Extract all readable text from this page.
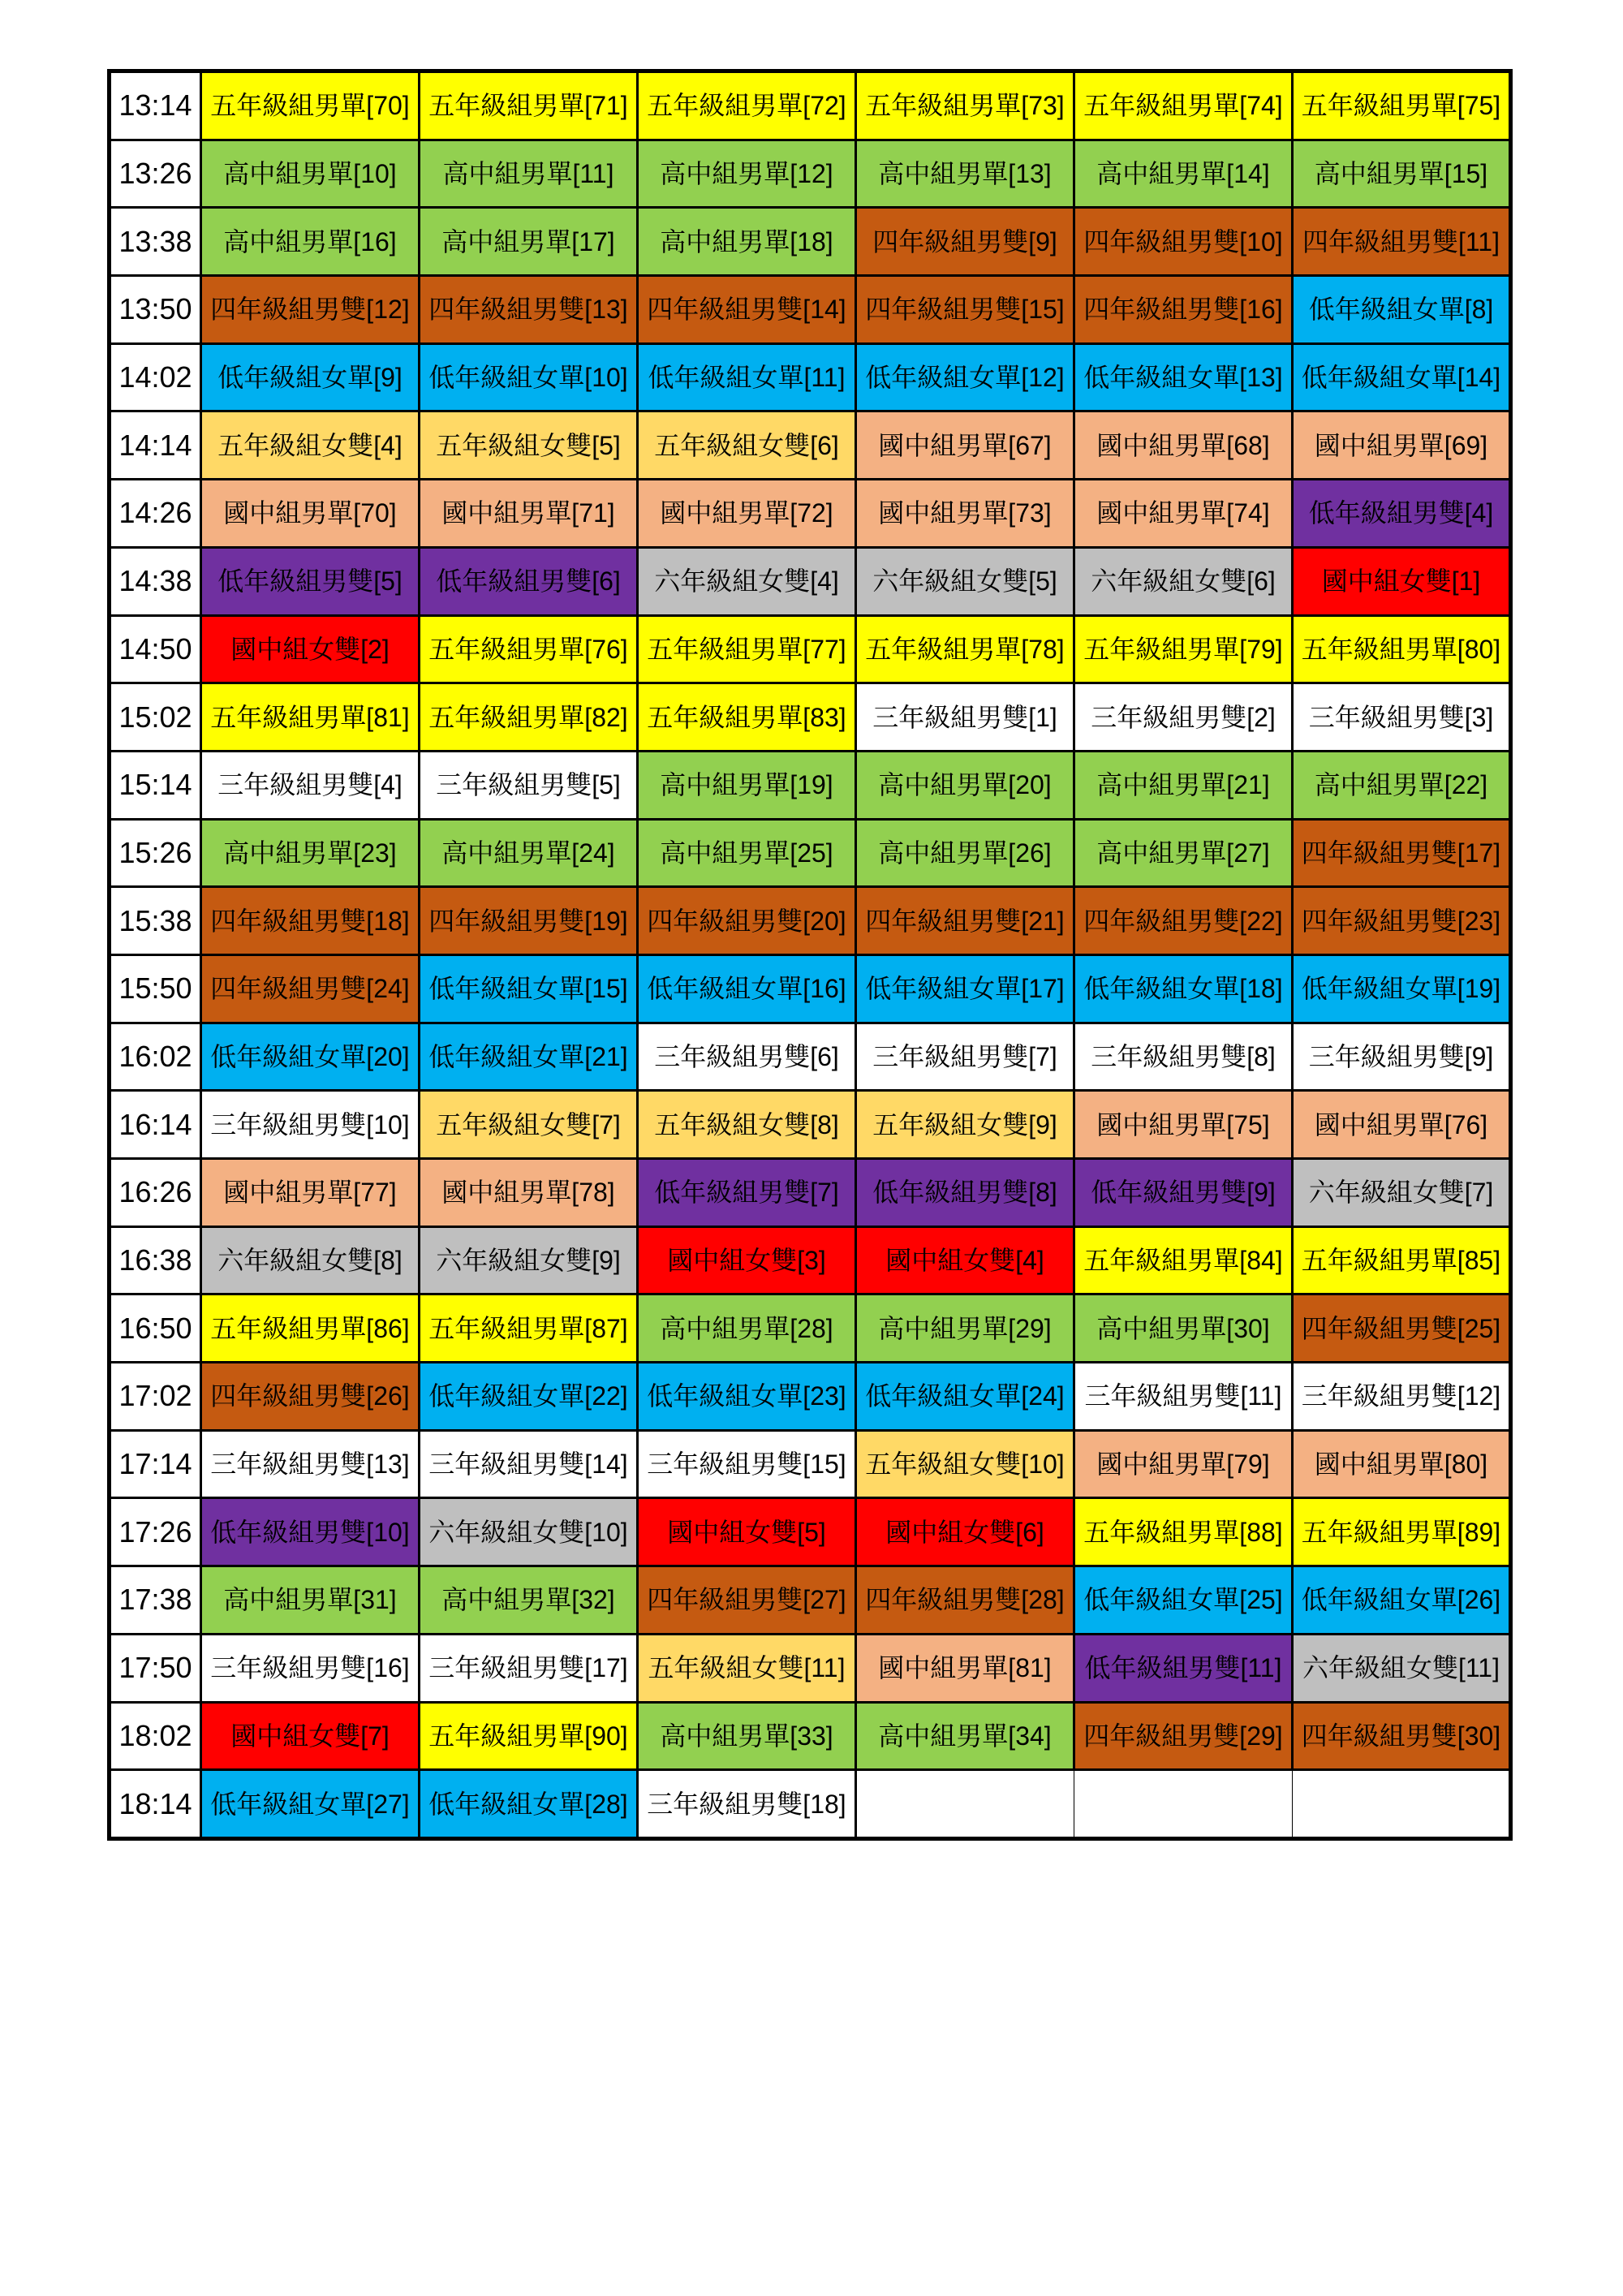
13:14	五年級組男單[70]	五年級組男單[71]	五年級組男單[72]	五年級組男單[73]	五年級組男單[74]	五年級組男單[75]
13:26	高中組男單[10]	高中組男單[11]	高中組男單[12]	高中組男單[13]	高中組男單[14]	高中組男單[15]
13:38	高中組男單[16]	高中組男單[17]	高中組男單[18]	四年級組男雙[9]	四年級組男雙[10]	四年級組男雙[11]
13:50	四年級組男雙[12]	四年級組男雙[13]	四年級組男雙[14]	四年級組男雙[15]	四年級組男雙[16]	低年級組女單[8]
14:02	低年級組女單[9]	低年級組女單[10]	低年級組女單[11]	低年級組女單[12]	低年級組女單[13]	低年級組女單[14]
14:14	五年級組女雙[4]	五年級組女雙[5]	五年級組女雙[6]	國中組男單[67]	國中組男單[68]	國中組男單[69]
14:26	國中組男單[70]	國中組男單[71]	國中組男單[72]	國中組男單[73]	國中組男單[74]	低年級組男雙[4]
14:38	低年級組男雙[5]	低年級組男雙[6]	六年級組女雙[4]	六年級組女雙[5]	六年級組女雙[6]	國中組女雙[1]
14:50	國中組女雙[2]	五年級組男單[76]	五年級組男單[77]	五年級組男單[78]	五年級組男單[79]	五年級組男單[80]
15:02	五年級組男單[81]	五年級組男單[82]	五年級組男單[83]	三年級組男雙[1]	三年級組男雙[2]	三年級組男雙[3]
15:14	三年級組男雙[4]	三年級組男雙[5]	高中組男單[19]	高中組男單[20]	高中組男單[21]	高中組男單[22]
15:26	高中組男單[23]	高中組男單[24]	高中組男單[25]	高中組男單[26]	高中組男單[27]	四年級組男雙[17]
15:38	四年級組男雙[18]	四年級組男雙[19]	四年級組男雙[20]	四年級組男雙[21]	四年級組男雙[22]	四年級組男雙[23]
15:50	四年級組男雙[24]	低年級組女單[15]	低年級組女單[16]	低年級組女單[17]	低年級組女單[18]	低年級組女單[19]
16:02	低年級組女單[20]	低年級組女單[21]	三年級組男雙[6]	三年級組男雙[7]	三年級組男雙[8]	三年級組男雙[9]
16:14	三年級組男雙[10]	五年級組女雙[7]	五年級組女雙[8]	五年級組女雙[9]	國中組男單[75]	國中組男單[76]
16:26	國中組男單[77]	國中組男單[78]	低年級組男雙[7]	低年級組男雙[8]	低年級組男雙[9]	六年級組女雙[7]
16:38	六年級組女雙[8]	六年級組女雙[9]	國中組女雙[3]	國中組女雙[4]	五年級組男單[84]	五年級組男單[85]
16:50	五年級組男單[86]	五年級組男單[87]	高中組男單[28]	高中組男單[29]	高中組男單[30]	四年級組男雙[25]
17:02	四年級組男雙[26]	低年級組女單[22]	低年級組女單[23]	低年級組女單[24]	三年級組男雙[11]	三年級組男雙[12]
17:14	三年級組男雙[13]	三年級組男雙[14]	三年級組男雙[15]	五年級組女雙[10]	國中組男單[79]	國中組男單[80]
17:26	低年級組男雙[10]	六年級組女雙[10]	國中組女雙[5]	國中組女雙[6]	五年級組男單[88]	五年級組男單[89]
17:38	高中組男單[31]	高中組男單[32]	四年級組男雙[27]	四年級組男雙[28]	低年級組女單[25]	低年級組女單[26]
17:50	三年級組男雙[16]	三年級組男雙[17]	五年級組女雙[11]	國中組男單[81]	低年級組男雙[11]	六年級組女雙[11]
18:02	國中組女雙[7]	五年級組男單[90]	高中組男單[33]	高中組男單[34]	四年級組男雙[29]	四年級組男雙[30]
18:14	低年級組女單[27]	低年級組女單[28]	三年級組男雙[18]			
